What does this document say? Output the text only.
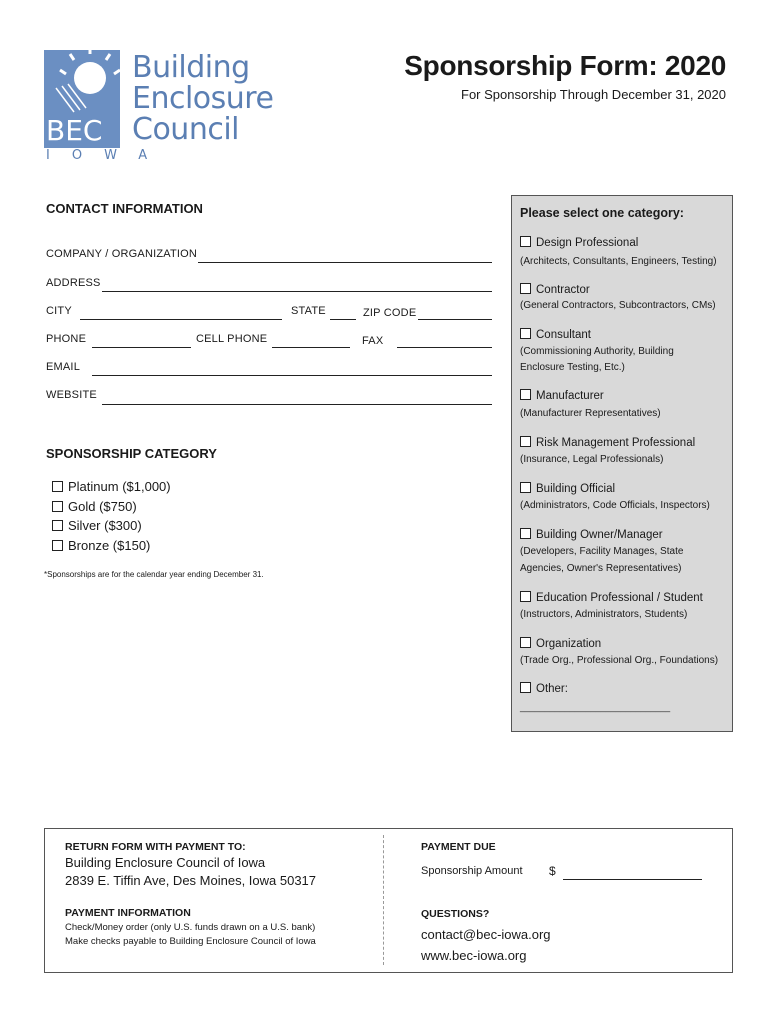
BEC
Building
Enclosure
Council
IOWA
Sponsorship Form: 2020
For Sponsorship Through December 31, 2020
CONTACT INFORMATION
COMPANY / ORGANIZATION
ADDRESS
CITY	STATE	ZIP CODE
PHONE	CELL PHONE	FAX
EMAIL
WEBSITE
SPONSORSHIP CATEGORY
Platinum ($1,000)
Gold ($750)
Silver ($300)
Bronze ($150)
*Sponsorships are for the calendar year ending December 31.
Please select one category:
Design Professional
(Architects, Consultants, Engineers, Testing)
Contractor
(General Contractors, Subcontractors, CMs)
Consultant
(Commissioning Authority, Building
Enclosure Testing, Etc.)
Manufacturer
(Manufacturer Representatives)
Risk Management Professional
(Insurance, Legal Professionals)
Building Official
(Administrators, Code Officials, Inspectors)
Building Owner/Manager
(Developers, Facility Manages, State
Agencies, Owner's Representatives)
Education Professional / Student
(Instructors, Administrators, Students)
Organization
(Trade Org., Professional Org., Foundations)
Other:
______________________________
RETURN FORM WITH PAYMENT TO:
Building Enclosure Council of Iowa
2839 E. Tiffin Ave, Des Moines, Iowa 50317
PAYMENT INFORMATION
Check/Money order (only U.S. funds drawn on a U.S. bank)
Make checks payable to Building Enclosure Council of Iowa
PAYMENT DUE
Sponsorship Amount $
QUESTIONS?
contact@bec-iowa.org
www.bec-iowa.org
